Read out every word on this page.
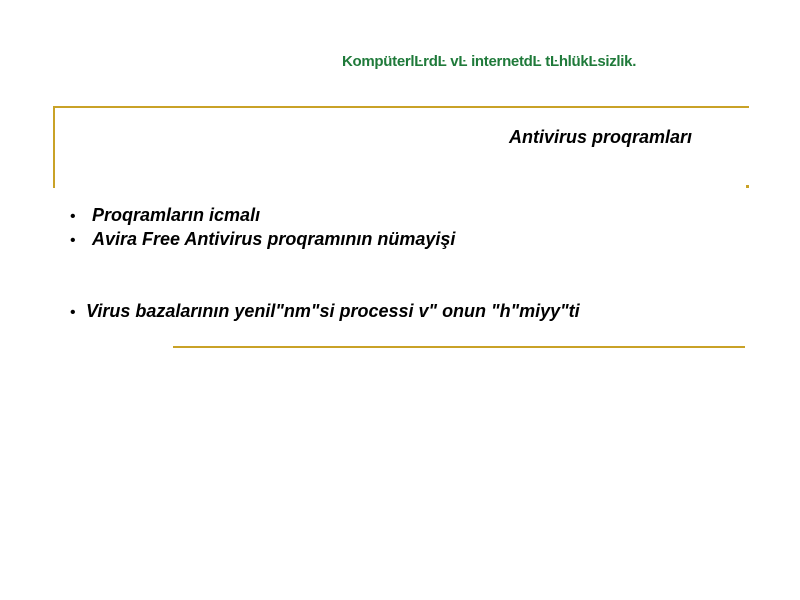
KompüterlĿrdĿ vĿ internetdĿ tĿhlükĿsizlik.
Antivirus proqramları
• Proqramların icmalı
• Avira Free Antivirus proqramının nümayişi
• Virus bazalarının yenil"nm"si processi v" onun "h"miyy"ti
